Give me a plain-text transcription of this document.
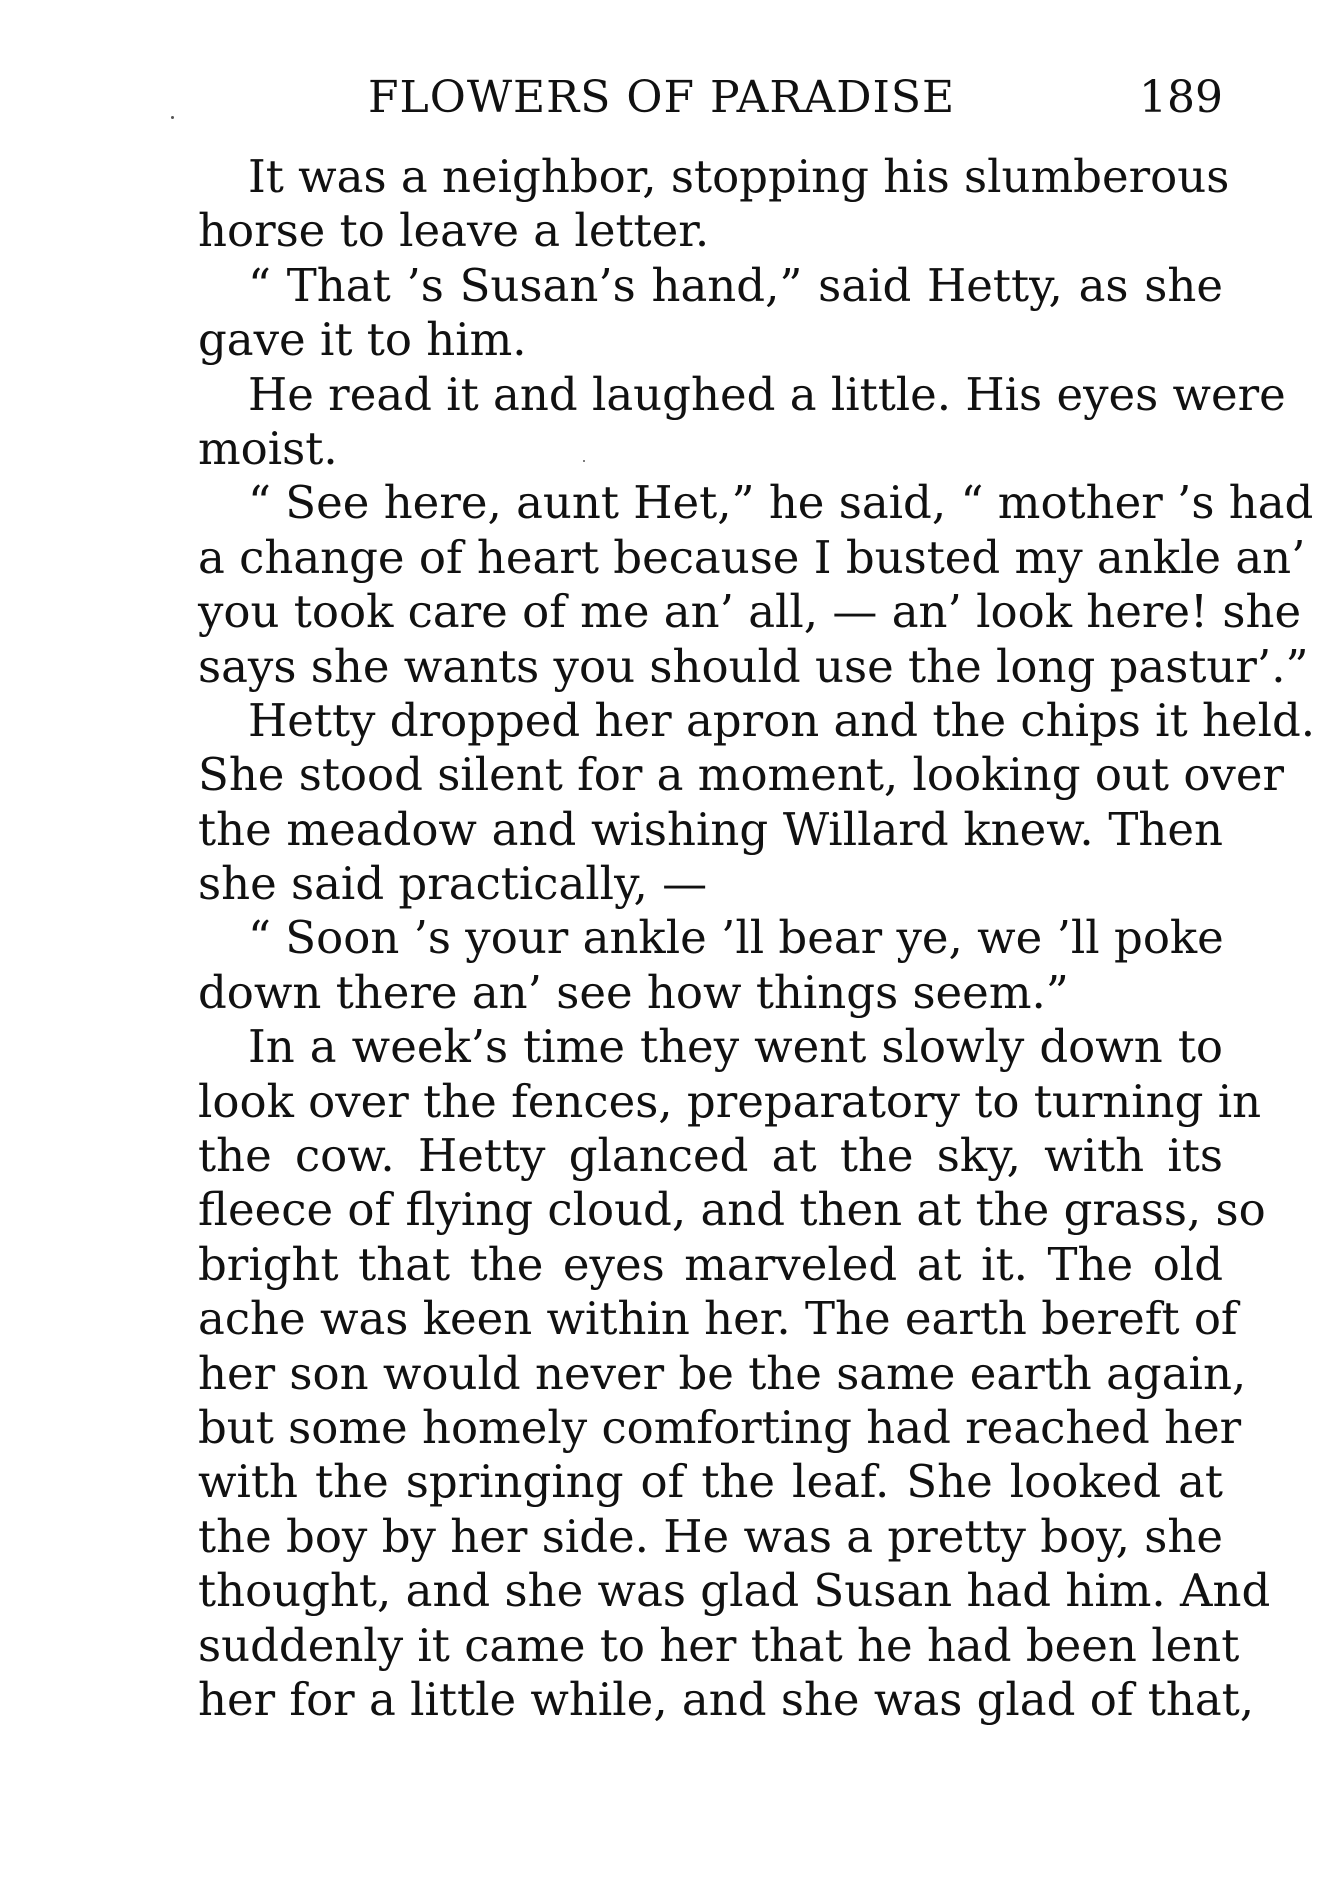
FLOWERS OF PARADISE	189
It was a neighbor, stopping his slumberous
horse to leave a letter.
“ That ’s Susan’s hand,” said Hetty, as she
gave it to him.
He read it and laughed a little. His eyes were
moist.
“ See here, aunt Het,” he said, “ mother ’s had
a change of heart because I busted my ankle an’
you took care of me an’ all, — an’ look here! she
says she wants you should use the long pastur’.”
Hetty dropped her apron and the chips it held.
She stood silent for a moment, looking out over
the meadow and wishing Willard knew. Then
she said practically, —
“ Soon ’s your ankle ’ll bear ye, we ’ll poke
down there an’ see how things seem.”
In a week’s time they went slowly down to
look over the fences, preparatory to turning in
the cow. Hetty glanced at the sky, with its
fleece of flying cloud, and then at the grass, so
bright that the eyes marveled at it. The old
ache was keen within her. The earth bereft of
her son would never be the same earth again,
but some homely comforting had reached her
with the springing of the leaf. She looked at
the boy by her side. He was a pretty boy, she
thought, and she was glad Susan had him. And
suddenly it came to her that he had been lent
her for a little while, and she was glad of that,
